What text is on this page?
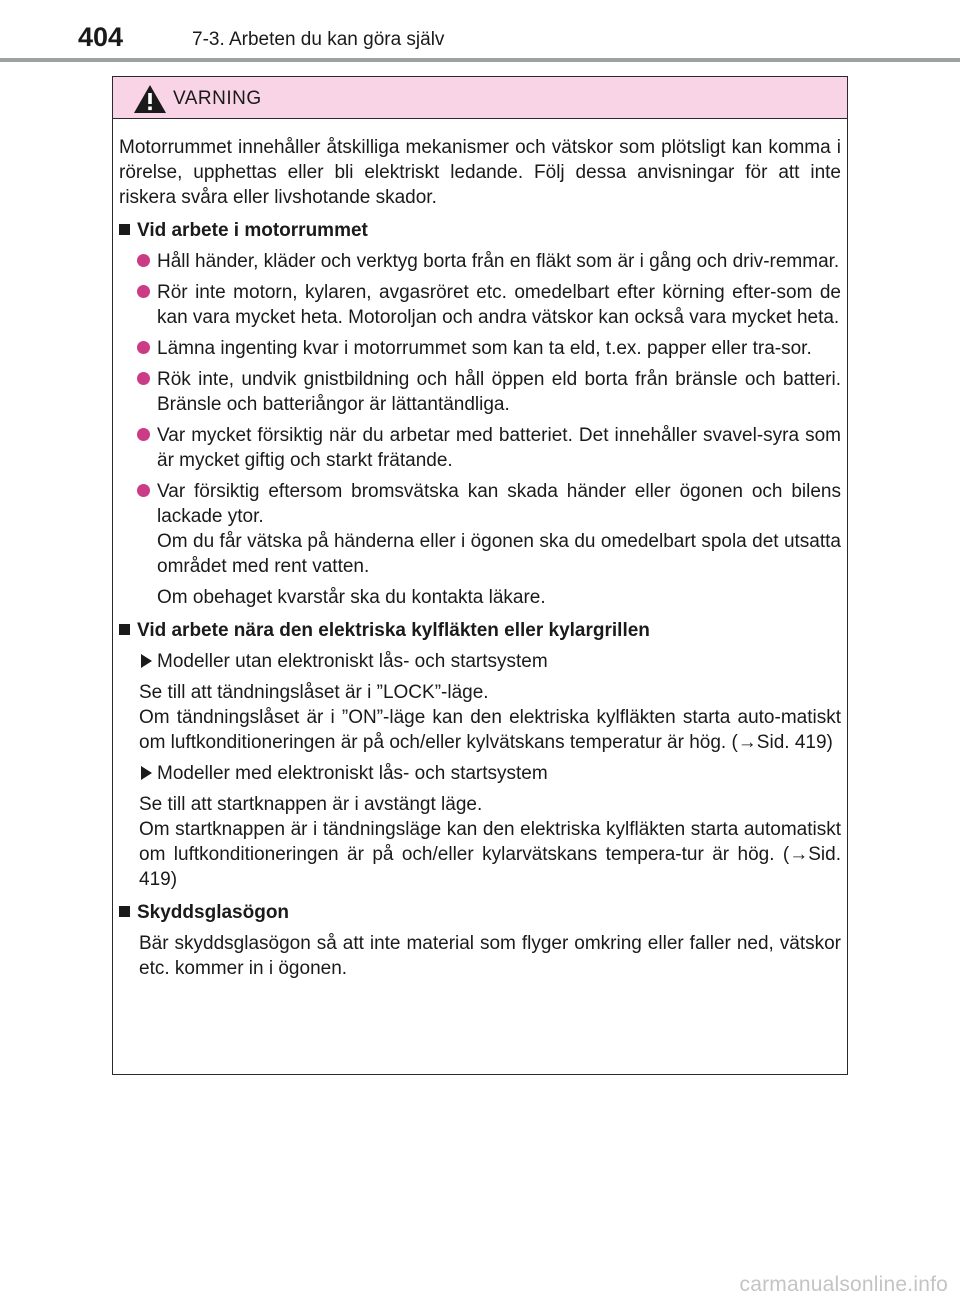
404	7-3. Arbeten du kan göra själv
VARNING

Motorrummet innehåller åtskilliga mekanismer och vätskor som plötsligt kan komma i rörelse, upphettas eller bli elektriskt ledande. Följ dessa anvisningar för att inte riskera svåra eller livshotande skador.

Vid arbete i motorrummet
Håll händer, kläder och verktyg borta från en fläkt som är i gång och driv-remmar.
Rör inte motorn, kylaren, avgasröret etc. omedelbart efter körning efter-som de kan vara mycket heta. Motoroljan och andra vätskor kan också vara mycket heta.
Lämna ingenting kvar i motorrummet som kan ta eld, t.ex. papper eller tra-sor.
Rök inte, undvik gnistbildning och håll öppen eld borta från bränsle och batteri. Bränsle och batteriångor är lättantändliga.
Var mycket försiktig när du arbetar med batteriet. Det innehåller svavel-syra som är mycket giftig och starkt frätande.
Var försiktig eftersom bromsvätska kan skada händer eller ögonen och bilens lackade ytor.
Om du får vätska på händerna eller i ögonen ska du omedelbart spola det utsatta området med rent vatten.
Om obehaget kvarstår ska du kontakta läkare.
Vid arbete nära den elektriska kylfläkten eller kylargrillen
Modeller utan elektroniskt lås- och startsystem
Se till att tändningslåset är i ”LOCK”-läge.
Om tändningslåset är i ”ON”-läge kan den elektriska kylfläkten starta auto-matiskt om luftkonditioneringen är på och/eller kylvätskans temperatur är hög. (→Sid. 419)
Modeller med elektroniskt lås- och startsystem
Se till att startknappen är i avstängt läge.
Om startknappen är i tändningsläge kan den elektriska kylfläkten starta automatiskt om luftkonditioneringen är på och/eller kylarvätskans tempera-tur är hög. (→Sid. 419)
Skyddsglasögon
Bär skyddsglasögon så att inte material som flyger omkring eller faller ned, vätskor etc. kommer in i ögonen.
carmanualsonline.info
